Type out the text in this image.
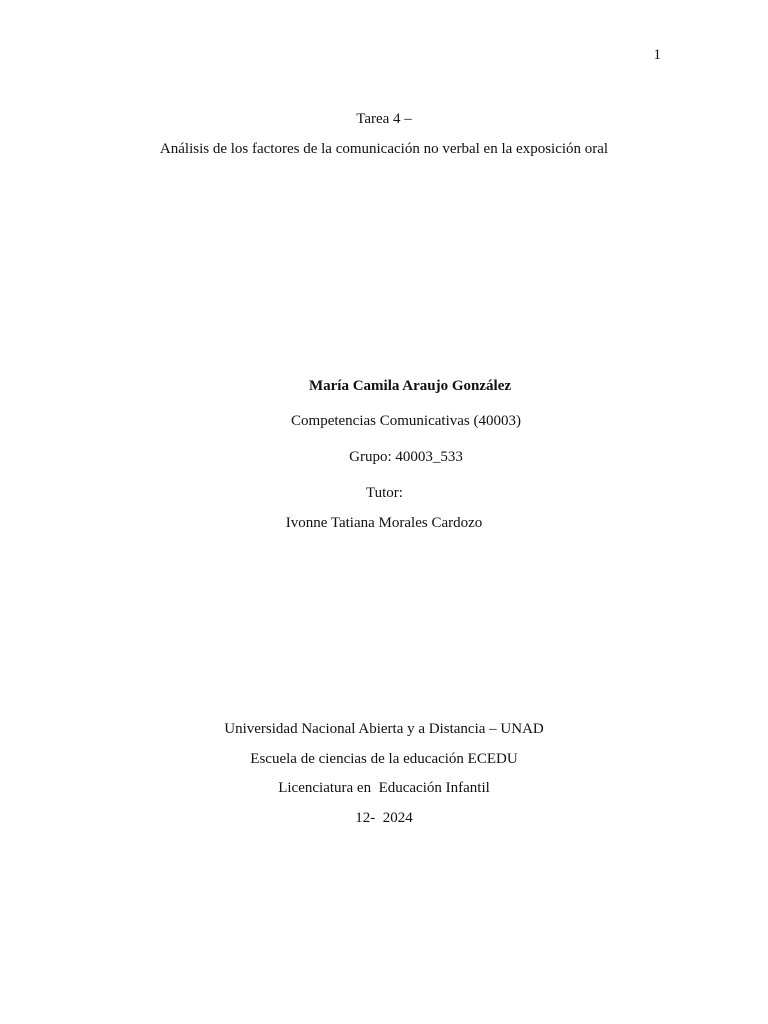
1
Tarea 4 –
Análisis de los factores de la comunicación no verbal en la exposición oral
María Camila Araujo González
Competencias Comunicativas (40003)
Grupo: 40003_533
Tutor:
Ivonne Tatiana Morales Cardozo
Universidad Nacional Abierta y a Distancia – UNAD
Escuela de ciencias de la educación ECEDU
Licenciatura en  Educación Infantil
12-  2024
